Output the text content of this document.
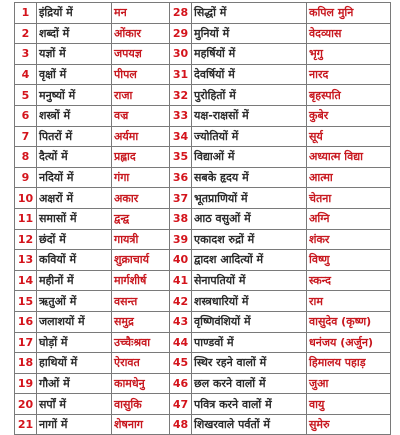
1	इंद्रियों में	मन	28	सिद्धों में	कपिल मुनि
2	शब्दों में	ओंकार	29	मुनियों में	वेदव्यास
3	यज्ञों में	जपयज्ञ	30	महर्षियों में	भृगु
4	वृक्षों में	पीपल	31	देवर्षियों में	नारद
5	मनुष्यों में	राजा	32	पुरोहितों में	बृहस्पति
6	शस्त्रों में	वज्र	33	यक्ष-राक्षसों में	कुबेर
7	पितरों में	अर्यमा	34	ज्योतियों में	सूर्य
8	दैत्यों में	प्रह्लाद	35	विद्याओं में	अध्यात्म विद्या
9	नदियों में	गंगा	36	सबके हृदय में	आत्मा
10	अक्षरों में	अकार	37	भूतप्राणियों में	चेतना
11	समासों में	द्वन्द्व	38	आठ वसुओं में	अग्नि
12	छंदों में	गायत्री	39	एकादश रुद्रों में	शंकर
13	कवियों में	शुक्राचार्य	40	द्वादश आदित्यों में	विष्णु
14	महीनों में	मार्गशीर्ष	41	सेनापतियों में	स्कन्द
15	ऋतुओं में	वसन्त	42	शस्त्रधारियों में	राम
16	जलाशयों में	समुद्र	43	वृष्णिवंशियों में	वासुदेव (कृष्ण)
17	घोड़ों में	उच्चैःश्रवा	44	पाण्डवों में	धनंजय (अर्जुन)
18	हाथियों में	ऐरावत	45	स्थिर रहने वालों में	हिमालय पहाड़
19	गौओं में	कामधेनु	46	छल करने वालों में	जुआ
20	सर्पों में	वासुकि	47	पवित्र करने वालों में	वायु
21	नागों में	शेषनाग	48	शिखरवाले पर्वतों में	सुमेरु
